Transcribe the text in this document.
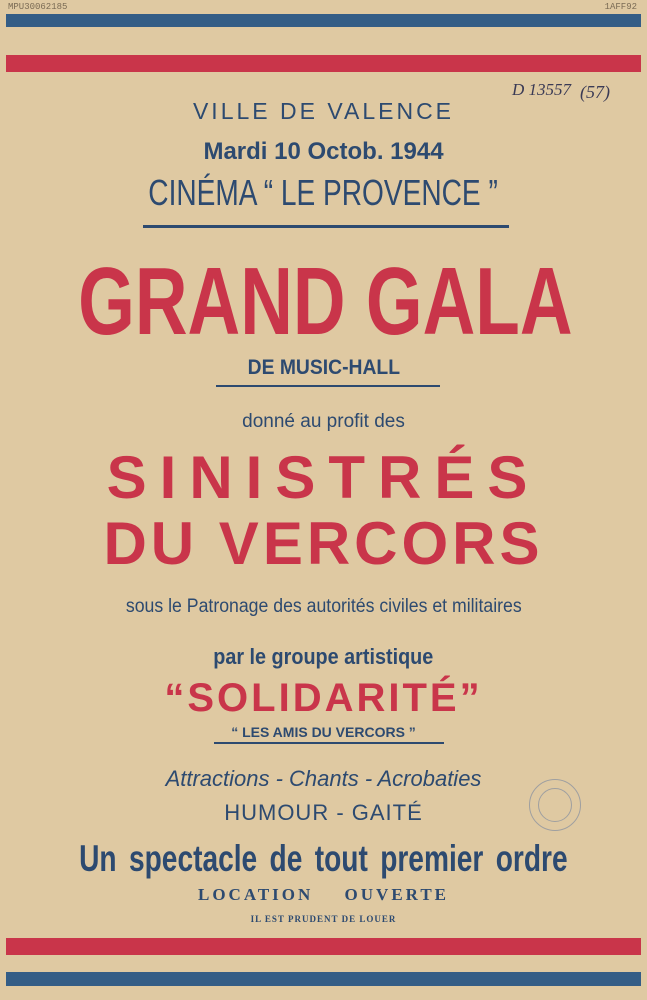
MPU30062185	1AFF92
D 13557 (57)
VILLE DE VALENCE
Mardi 10 Octob. 1944
CINÉMA “ LE PROVENCE ”
GRAND GALA
DE MUSIC-HALL
donné au profit des
SINISTRÉS
DU VERCORS
sous le Patronage des autorités civiles et militaires
par le groupe artistique
“SOLIDARITÉ”
“ LES AMIS DU VERCORS ”
Attractions - Chants - Acrobaties
HUMOUR - GAITÉ
Un spectacle de tout premier ordre
LOCATION OUVERTE
IL EST PRUDENT DE LOUER
